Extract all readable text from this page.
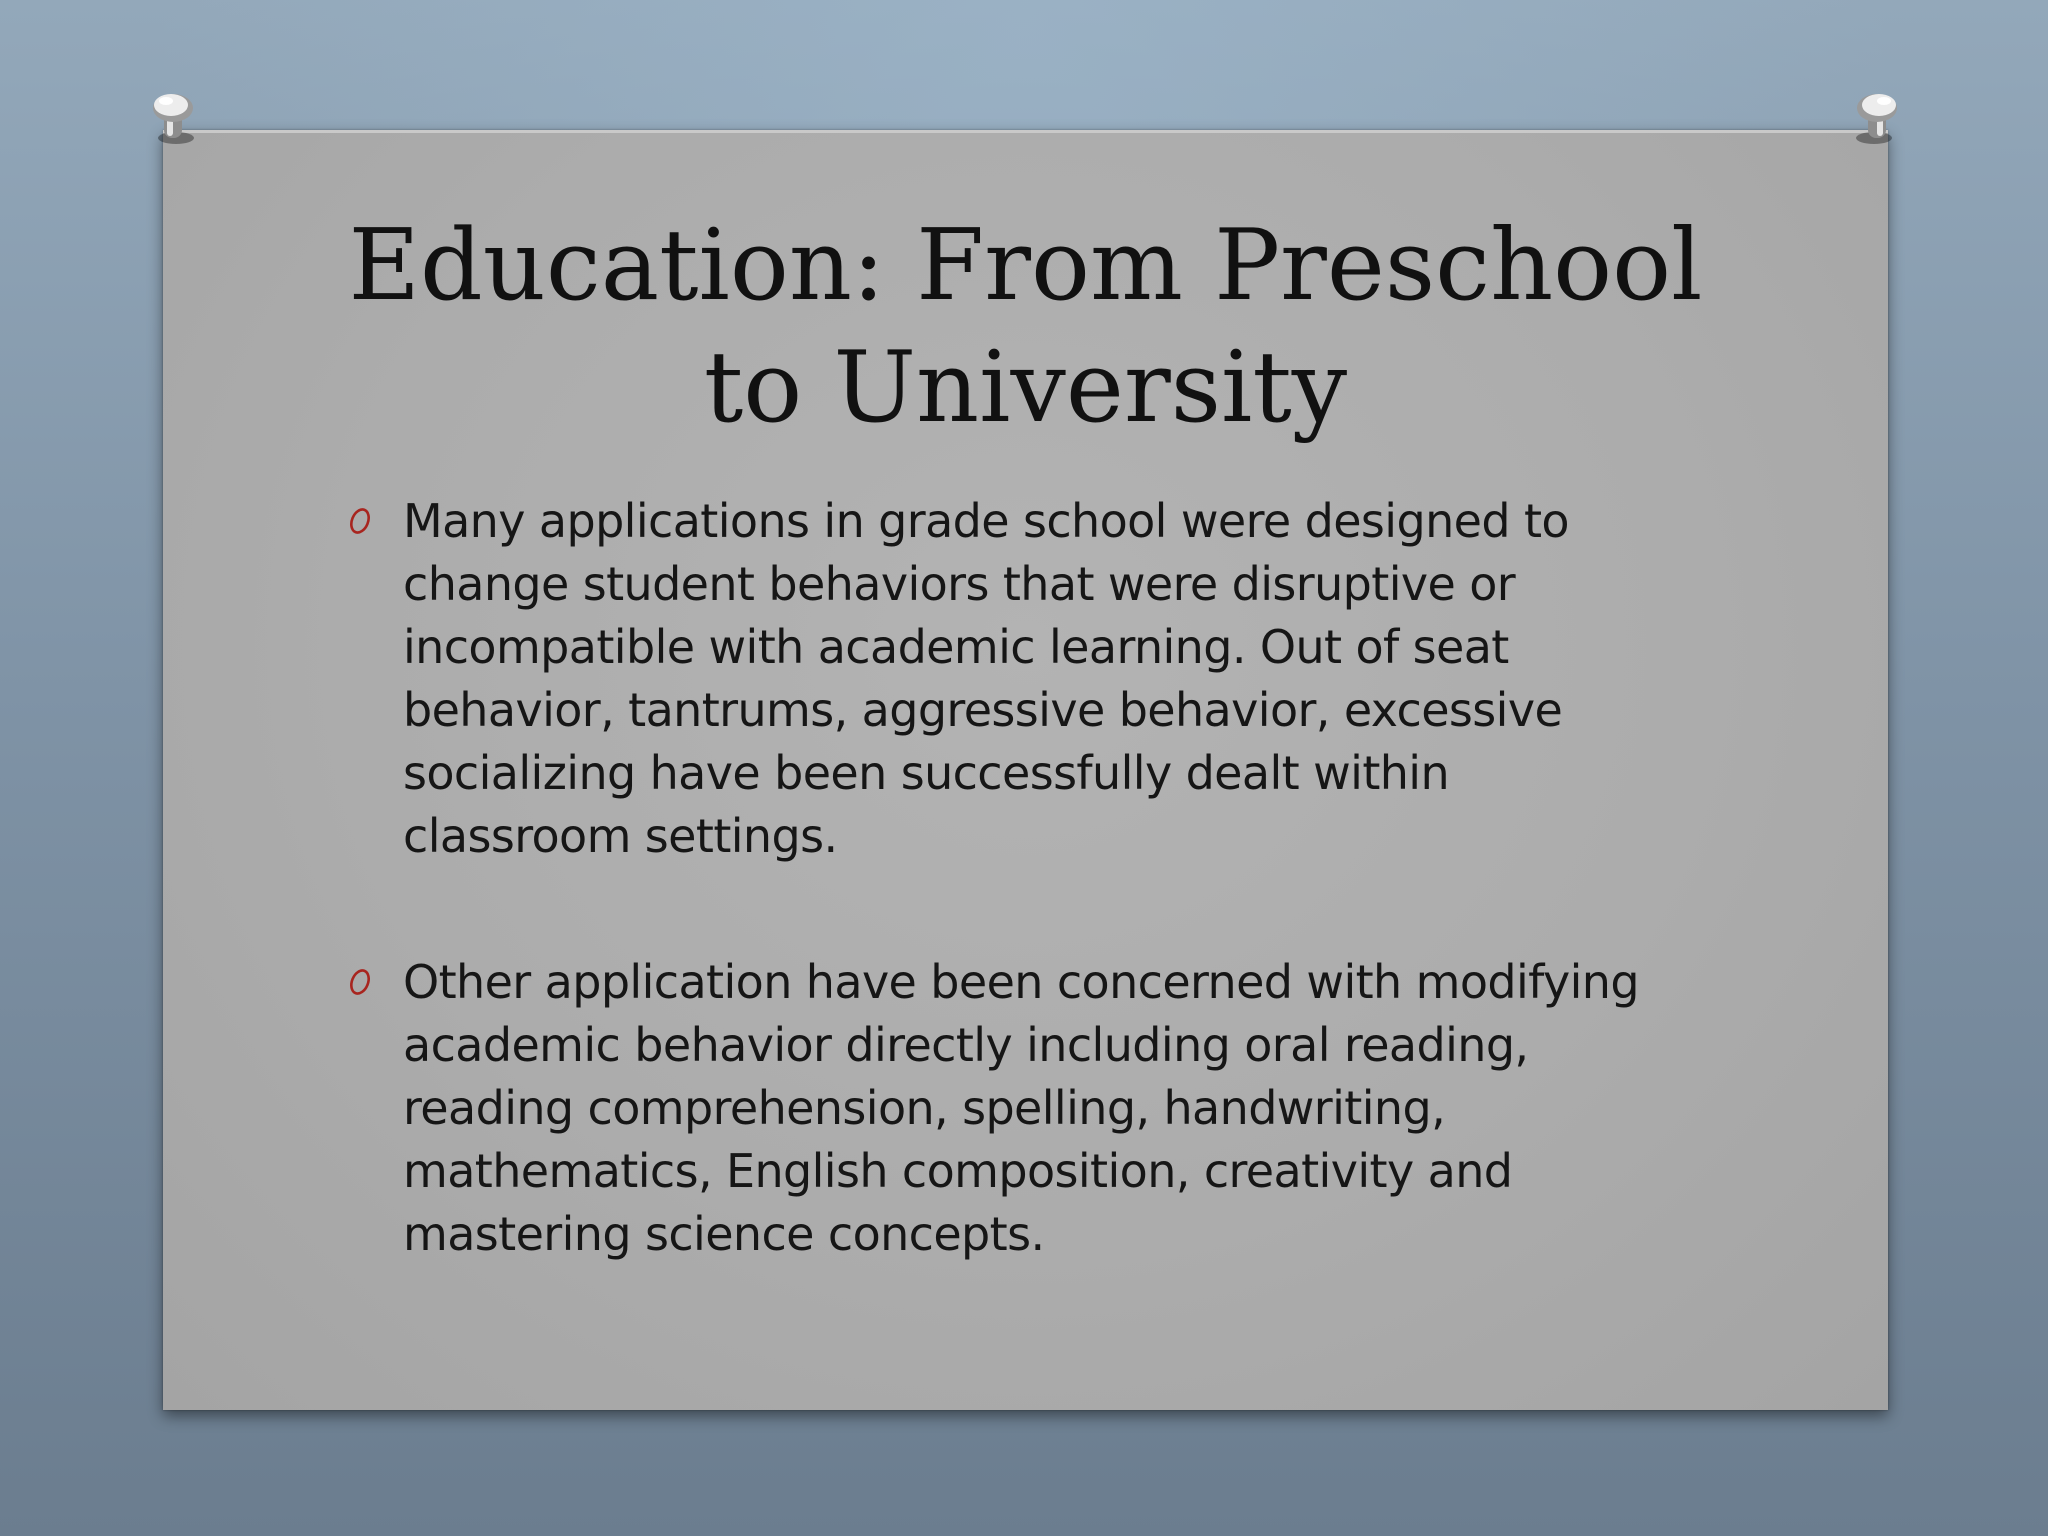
Education: From Preschool
to University
Many applications in grade school were designed to change student behaviors that were disruptive or incompatible with academic learning. Out of seat behavior, tantrums, aggressive behavior, excessive socializing have been successfully dealt within classroom settings.
Other application have been concerned with modifying academic behavior directly including oral reading, reading comprehension, spelling, handwriting, mathematics, English composition, creativity and mastering science concepts.
